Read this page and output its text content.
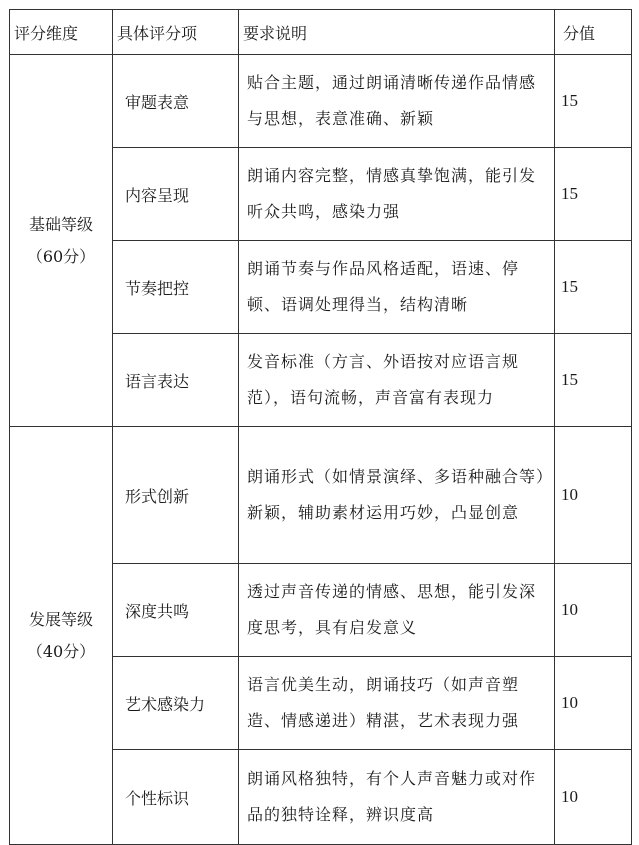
评分维度	具体评分项	要求说明	分值

基础等级
（60分）	审题表意	贴合主题，通过朗诵清晰传递作品情感与思想，表意准确、新颖	15
	内容呈现	朗诵内容完整，情感真挚饱满，能引发听众共鸣，感染力强	15
	节奏把控	朗诵节奏与作品风格适配，语速、停顿、语调处理得当，结构清晰	15
	语言表达	发音标准（方言、外语按对应语言规范），语句流畅，声音富有表现力	15

发展等级
（40分）	形式创新	朗诵形式（如情景演绎、多语种融合等）新颖，辅助素材运用巧妙，凸显创意	10
	深度共鸣	透过声音传递的情感、思想，能引发深度思考，具有启发意义	10
	艺术感染力	语言优美生动，朗诵技巧（如声音塑造、情感递进）精湛，艺术表现力强	10
	个性标识	朗诵风格独特，有个人声音魅力或对作品的独特诠释，辨识度高	10
